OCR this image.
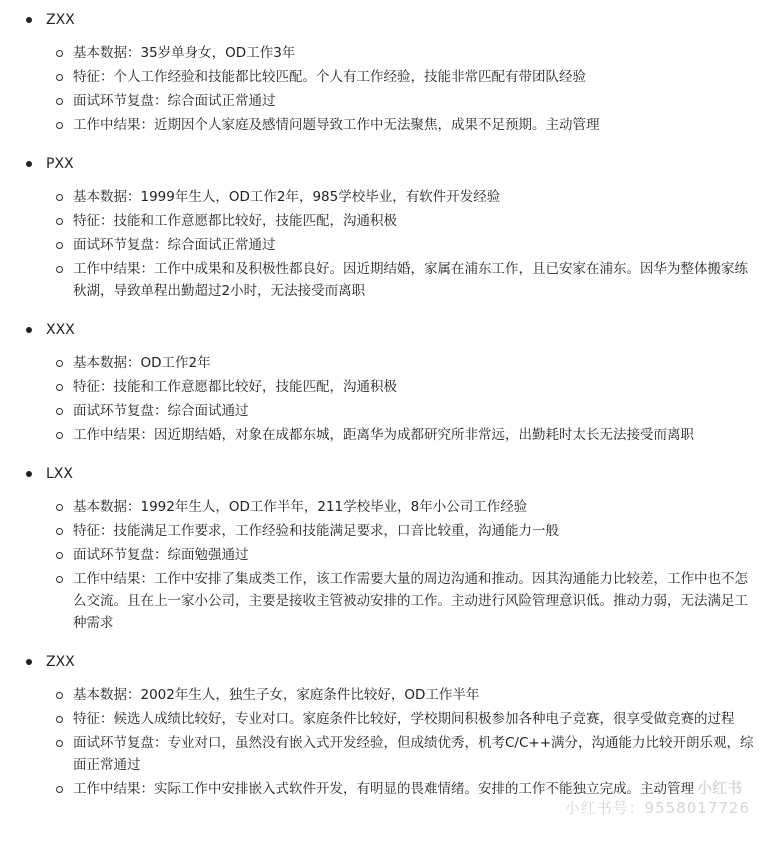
ZXX
基本数据：35岁单身女，OD工作3年
特征：个人工作经验和技能都比较匹配。个人有工作经验，技能非常匹配有带团队经验
面试环节复盘：综合面试正常通过
工作中结果：近期因个人家庭及感情问题导致工作中无法聚焦，成果不足预期。主动管理
PXX
基本数据：1999年生人，OD工作2年，985学校毕业，有软件开发经验
特征：技能和工作意愿都比较好，技能匹配，沟通积极
面试环节复盘：综合面试正常通过
工作中结果：工作中成果和及积极性都良好。因近期结婚，家属在浦东工作，且已安家在浦东。因华为整体搬家练秋湖，导致单程出勤超过2小时，无法接受而离职
XXX
基本数据：OD工作2年
特征：技能和工作意愿都比较好，技能匹配，沟通积极
面试环节复盘：综合面试通过
工作中结果：因近期结婚，对象在成都东城，距离华为成都研究所非常远，出勤耗时太长无法接受而离职
LXX
基本数据：1992年生人，OD工作半年，211学校毕业，8年小公司工作经验
特征：技能满足工作要求，工作经验和技能满足要求，口音比较重，沟通能力一般
面试环节复盘：综面勉强通过
工作中结果：工作中安排了集成类工作，该工作需要大量的周边沟通和推动。因其沟通能力比较差，工作中也不怎么交流。且在上一家小公司，主要是接收主管被动安排的工作。主动进行风险管理意识低。推动力弱，无法满足工种需求
ZXX
基本数据：2002年生人，独生子女，家庭条件比较好，OD工作半年
特征：候选人成绩比较好，专业对口。家庭条件比较好，学校期间积极参加各种电子竞赛，很享受做竞赛的过程
面试环节复盘：专业对口，虽然没有嵌入式开发经验，但成绩优秀，机考C/C++满分，沟通能力比较开朗乐观，综面正常通过
工作中结果：实际工作中安排嵌入式软件开发，有明显的畏难情绪。安排的工作不能独立完成。主动管理 小红书
小红书号：9558017726
